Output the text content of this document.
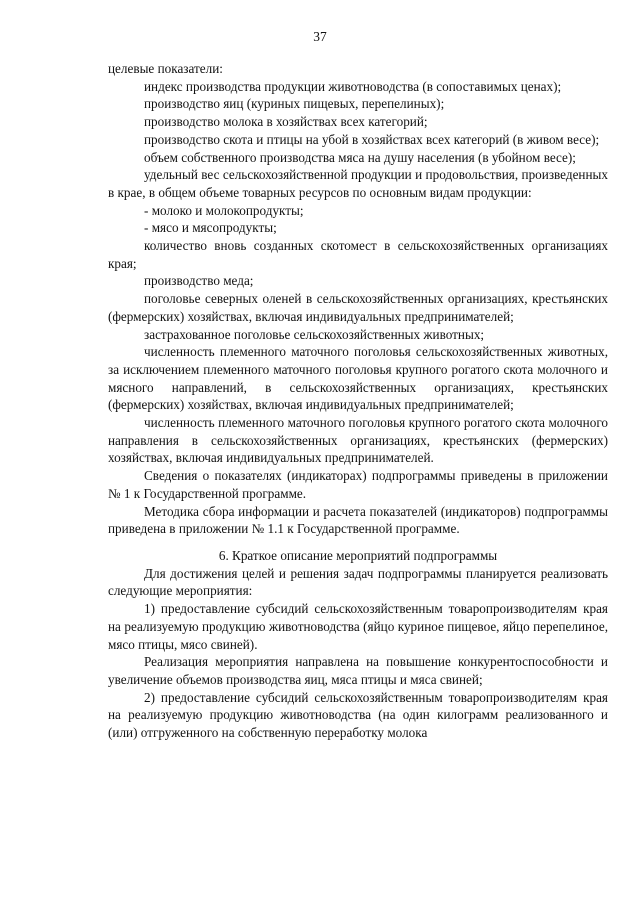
37

целевые показатели:

индекс производства продукции животноводства (в сопоставимых ценах);

производство яиц (куриных пищевых, перепелиных);

производство молока в хозяйствах всех категорий;

производство скота и птицы на убой в хозяйствах всех категорий (в живом весе);

объем собственного производства мяса на душу населения (в убойном весе);

удельный вес сельскохозяйственной продукции и продовольствия, произведенных в крае, в общем объеме товарных ресурсов по основным видам продукции:

- молоко и молокопродукты;

- мясо и мясопродукты;

количество вновь созданных скотомест в сельскохозяйственных организациях края;

производство меда;

поголовье северных оленей в сельскохозяйственных организациях, крестьянских (фермерских) хозяйствах, включая индивидуальных предпринимателей;

застрахованное поголовье сельскохозяйственных животных;

численность племенного маточного поголовья сельскохозяйственных животных, за исключением племенного маточного поголовья крупного рогатого скота молочного и мясного направлений, в сельскохозяйственных организациях, крестьянских (фермерских) хозяйствах, включая индивидуальных предпринимателей;

численность племенного маточного поголовья крупного рогатого скота молочного направления в сельскохозяйственных организациях, крестьянских (фермерских) хозяйствах, включая индивидуальных предпринимателей.

Сведения о показателях (индикаторах) подпрограммы приведены в приложении № 1 к Государственной программе.

Методика сбора информации и расчета показателей (индикаторов) подпрограммы приведена в приложении № 1.1 к Государственной программе.

6. Краткое описание мероприятий подпрограммы

Для достижения целей и решения задач подпрограммы планируется реализовать следующие мероприятия:

1) предоставление субсидий сельскохозяйственным товаропроизводителям края на реализуемую продукцию животноводства (яйцо куриное пищевое, яйцо перепелиное, мясо птицы, мясо свиней).

Реализация мероприятия направлена на повышение конкурентоспособности и увеличение объемов производства яиц, мяса птицы и мяса свиней;

2) предоставление субсидий сельскохозяйственным товаропроизводителям края на реализуемую продукцию животноводства (на один килограмм реализованного и (или) отгруженного на собственную переработку молока
